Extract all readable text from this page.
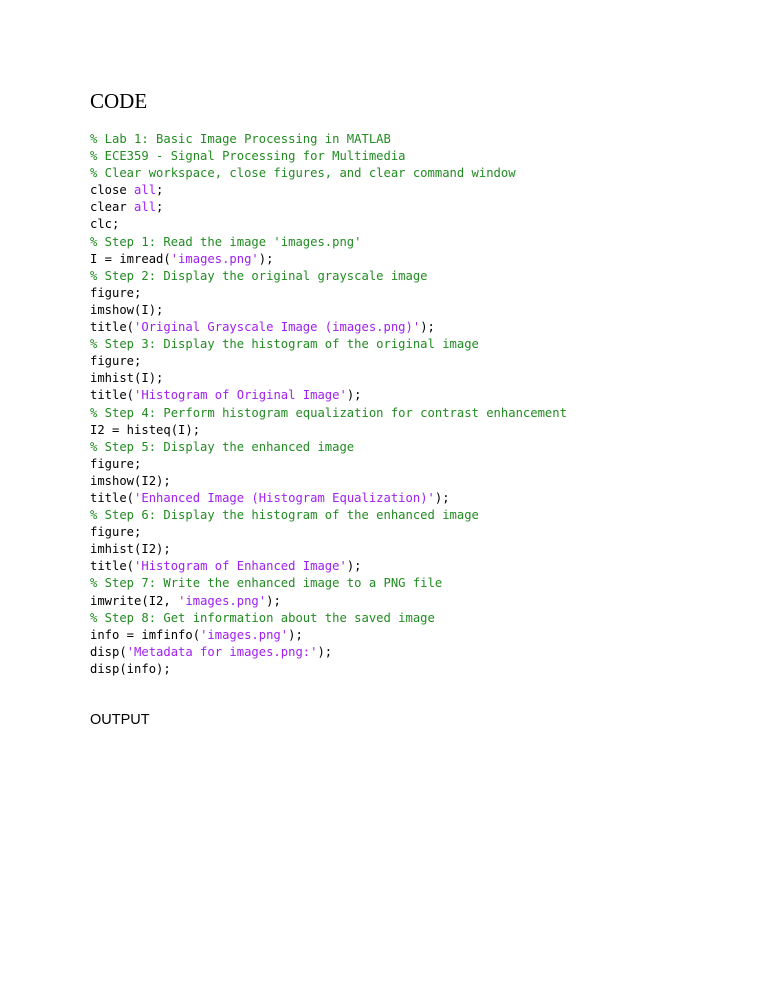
CODE
% Lab 1: Basic Image Processing in MATLAB
% ECE359 - Signal Processing for Multimedia
% Clear workspace, close figures, and clear command window
close all;
clear all;
clc;
% Step 1: Read the image 'images.png'
I = imread('images.png');
% Step 2: Display the original grayscale image
figure;
imshow(I);
title('Original Grayscale Image (images.png)');
% Step 3: Display the histogram of the original image
figure;
imhist(I);
title('Histogram of Original Image');
% Step 4: Perform histogram equalization for contrast enhancement
I2 = histeq(I);
% Step 5: Display the enhanced image
figure;
imshow(I2);
title('Enhanced Image (Histogram Equalization)');
% Step 6: Display the histogram of the enhanced image
figure;
imhist(I2);
title('Histogram of Enhanced Image');
% Step 7: Write the enhanced image to a PNG file
imwrite(I2, 'images.png');
% Step 8: Get information about the saved image
info = imfinfo('images.png');
disp('Metadata for images.png:');
disp(info);
OUTPUT
